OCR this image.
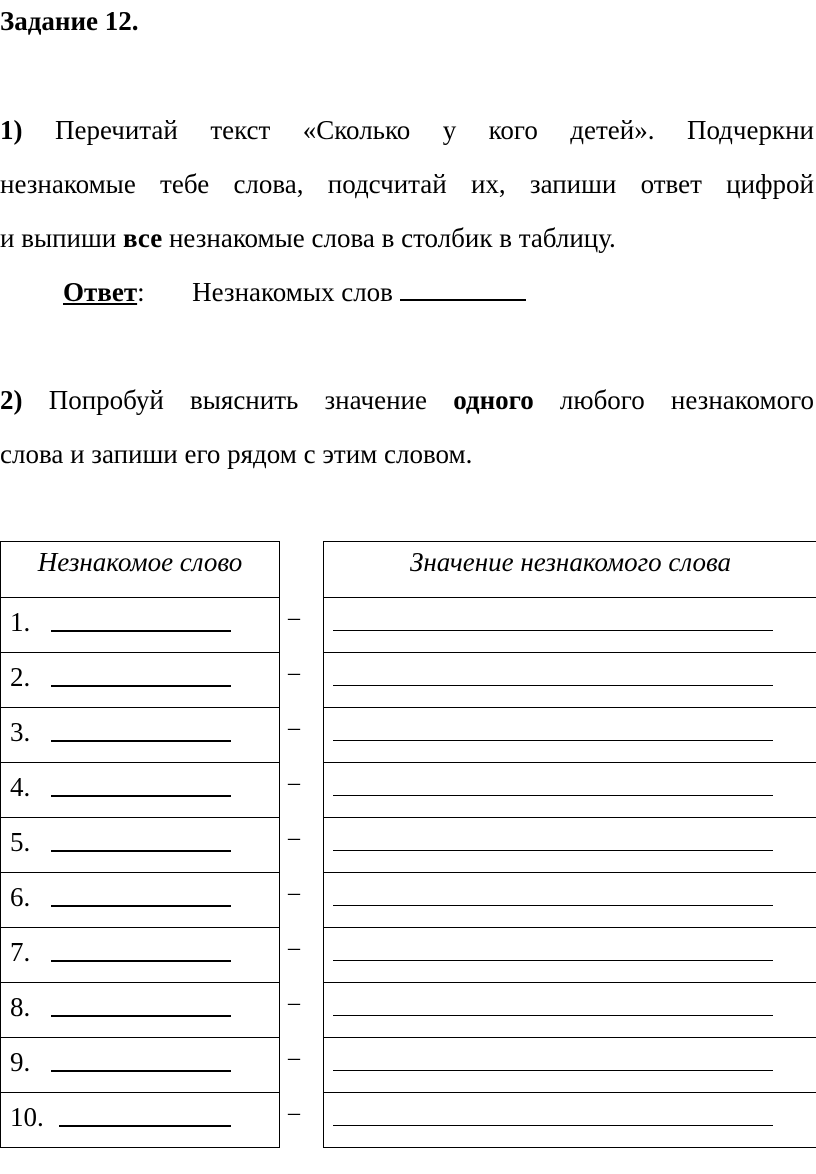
Задание 12.
1) Перечитай текст «Сколько у кого детей». Подчеркни
незнакомые тебе слова, подсчитай их, запиши ответ цифрой
и выпиши все незнакомые слова в столбик в таблицу.
Ответ: Незнакомых слов
2) Попробуй выяснить значение одного любого незнакомого
слова и запиши его рядом с этим словом.
Незнакомое слово
1.
2.
3.
4.
5.
6.
7.
8.
9.
10.
–
–
–
–
–
–
–
–
–
–
Значение незнакомого слова
